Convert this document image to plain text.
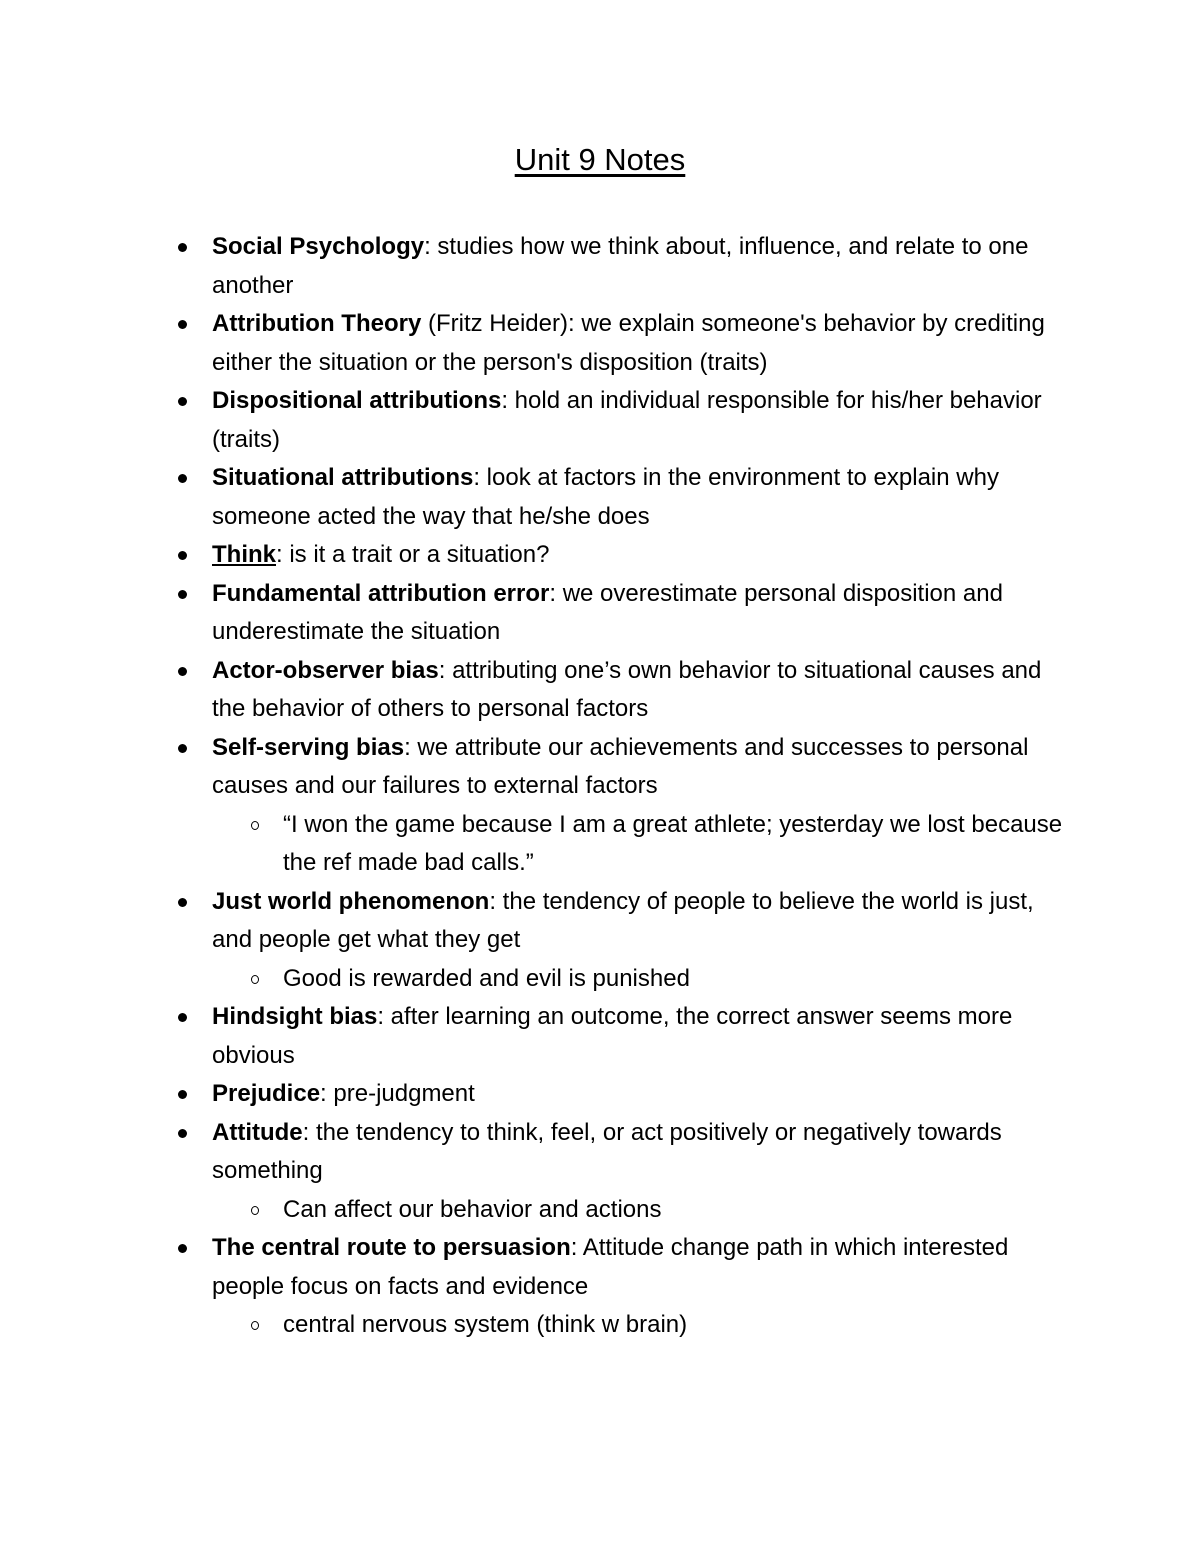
Unit 9 Notes
Social Psychology: studies how we think about, influence, and relate to one another
Attribution Theory (Fritz Heider): we explain someone's behavior by crediting either the situation or the person's disposition (traits)
Dispositional attributions: hold an individual responsible for his/her behavior (traits)
Situational attributions: look at factors in the environment to explain why someone acted the way that he/she does
Think: is it a trait or a situation?
Fundamental attribution error: we overestimate personal disposition and underestimate the situation
Actor-observer bias: attributing one’s own behavior to situational causes and the behavior of others to personal factors
Self-serving bias: we attribute our achievements and successes to personal causes and our failures to external factors
“I won the game because I am a great athlete; yesterday we lost because the ref made bad calls.”
Just world phenomenon: the tendency of people to believe the world is just, and people get what they get
Good is rewarded and evil is punished
Hindsight bias: after learning an outcome, the correct answer seems more obvious
Prejudice: pre-judgment
Attitude: the tendency to think, feel, or act positively or negatively towards something
Can affect our behavior and actions
The central route to persuasion: Attitude change path in which interested people focus on facts and evidence
central nervous system (think w brain)
